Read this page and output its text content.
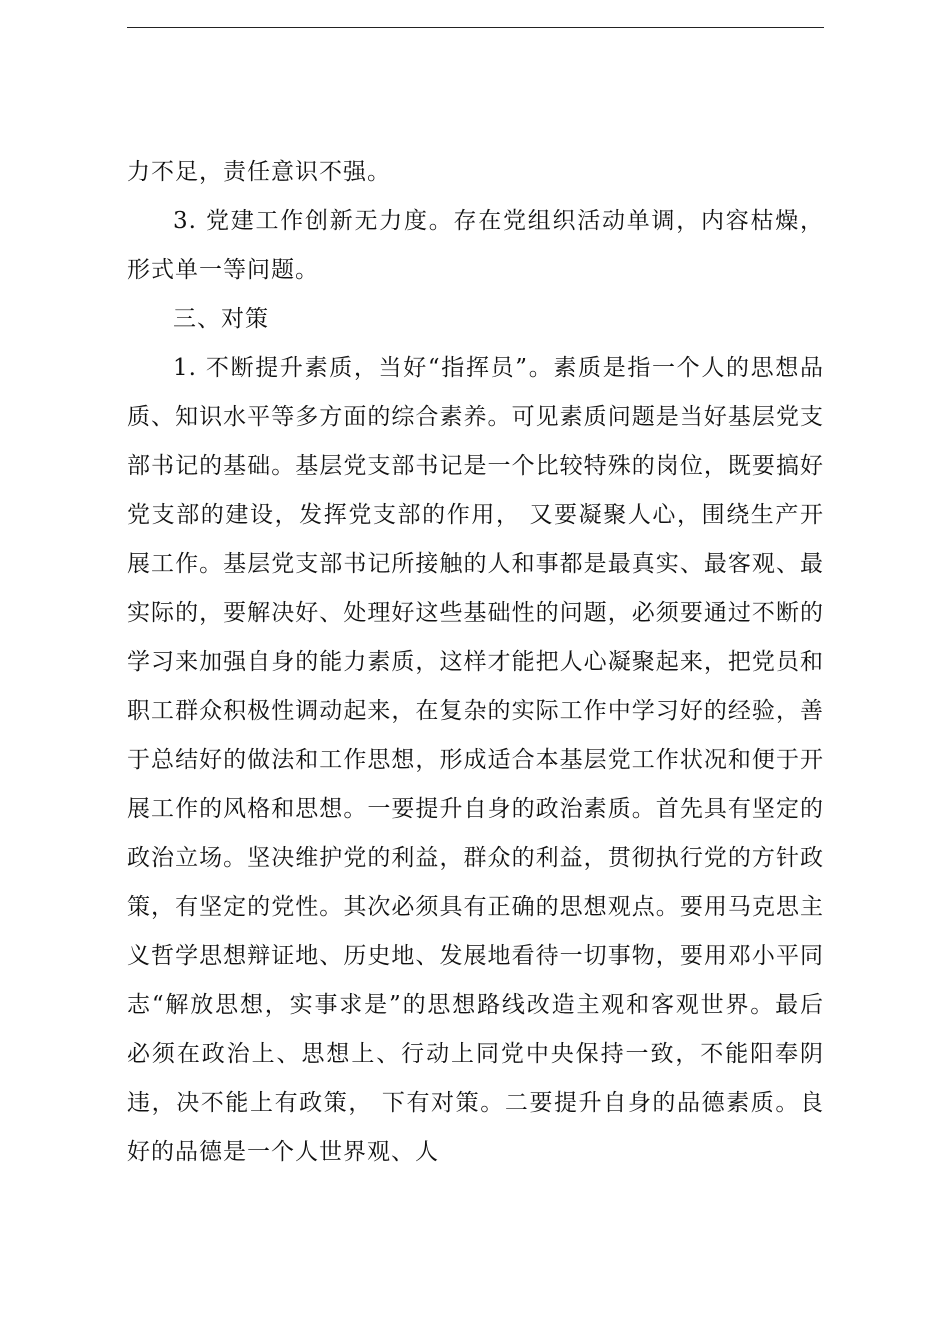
力不足，责任意识不强。

3. 党建工作创新无力度。存在党组织活动单调，内容枯燥，形式单一等问题。

三、对策

1. 不断提升素质，当好“指挥员”。素质是指一个人的思想品质、知识水平等多方面的综合素养。可见素质问题是当好基层党支部书记的基础。基层党支部书记是一个比较特殊的岗位，既要搞好党支部的建设，发挥党支部的作用， 又要凝聚人心，围绕生产开展工作。基层党支部书记所接触的人和事都是最真实、最客观、最实际的，要解决好、处理好这些基础性的问题，必须要通过不断的学习来加强自身的能力素质，这样才能把人心凝聚起来，把党员和职工群众积极性调动起来，在复杂的实际工作中学习好的经验，善于总结好的做法和工作思想，形成适合本基层党工作状况和便于开展工作的风格和思想。一要提升自身的政治素质。首先具有坚定的政治立场。坚决维护党的利益，群众的利益，贯彻执行党的方针政策，有坚定的党性。其次必须具有正确的思想观点。要用马克思主义哲学思想辩证地、历史地、发展地看待一切事物，要用邓小平同志“解放思想，实事求是”的思想路线改造主观和客观世界。最后必须在政治上、思想上、行动上同党中央保持一致，不能阳奉阴违，决不能上有政策， 下有对策。二要提升自身的品德素质。良好的品德是一个人世界观、人
